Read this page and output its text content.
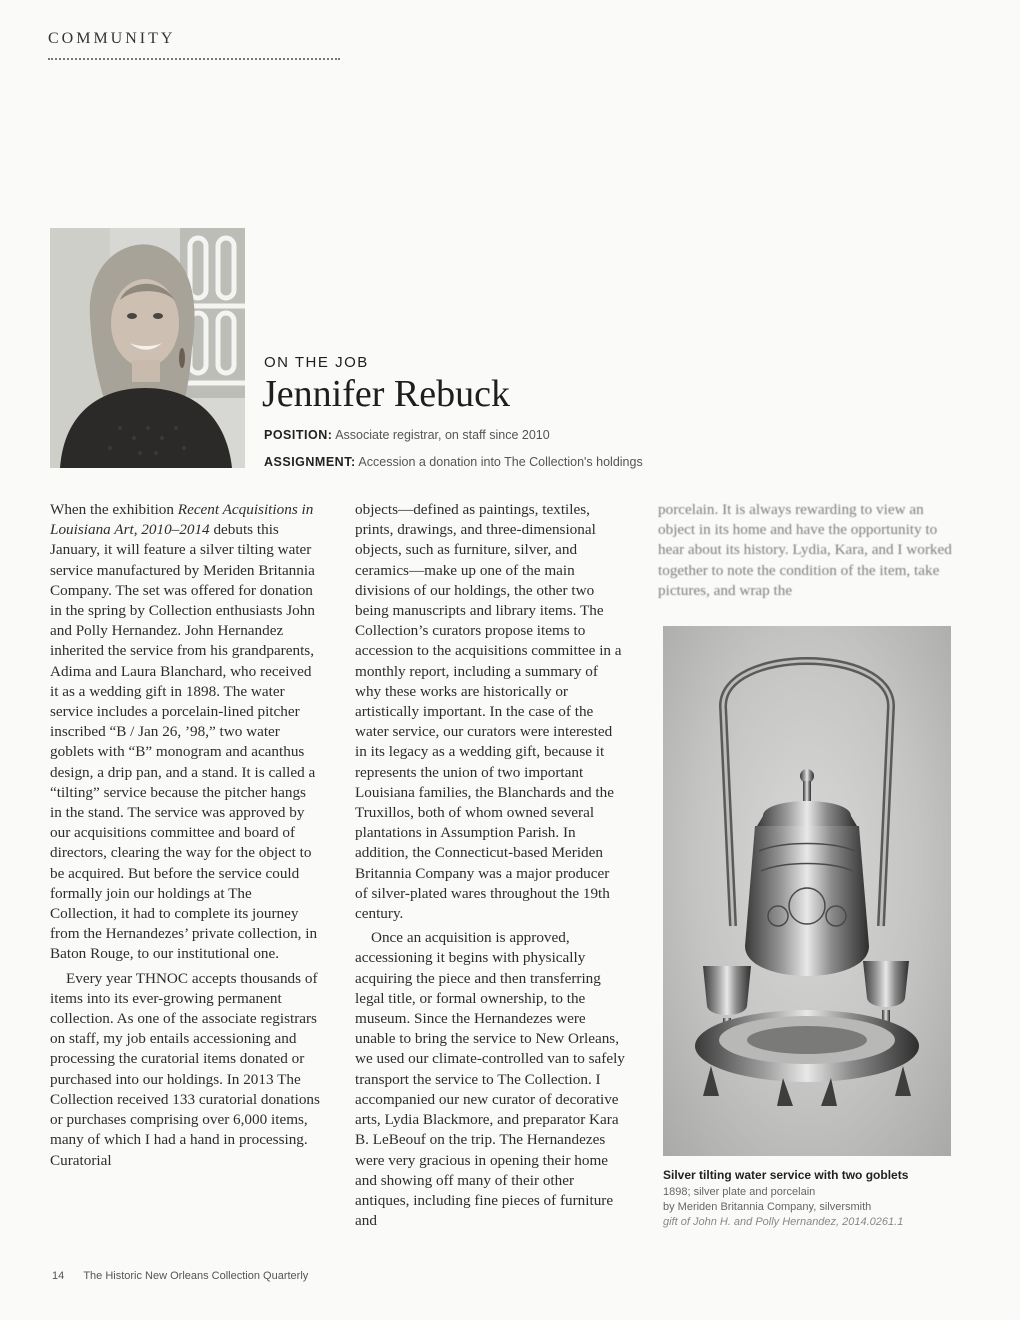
COMMUNITY
ON THE JOB
Jennifer Rebuck
POSITION: Associate registrar, on staff since 2010
ASSIGNMENT: Accession a donation into The Collection's holdings

When the exhibition Recent Acquisitions in Louisiana Art, 2010–2014 debuts this January, it will feature a silver tilting water service manufactured by Meriden Britannia Company. The set was offered for donation in the spring by Collection enthusiasts John and Polly Hernandez. John Hernandez inherited the service from his grandparents, Adima and Laura Blanchard, who received it as a wedding gift in 1898. The water service includes a porcelain-lined pitcher inscribed “B / Jan 26, ’98,” two water goblets with “B” monogram and acanthus design, a drip pan, and a stand. It is called a “tilting” service because the pitcher hangs in the stand. The service was approved by our acquisitions committee and board of directors, clearing the way for the object to be acquired. But before the service could formally join our holdings at The Collection, it had to complete its journey from the Hernandezes’ private collection, in Baton Rouge, to our institutional one.

Every year THNOC accepts thousands of items into its ever-growing permanent collection. As one of the associate registrars on staff, my job entails accessioning and processing the curatorial items donated or purchased into our holdings. In 2013 The Collection received 133 curatorial donations or purchases comprising over 6,000 items, many of which I had a hand in processing. Curatorial

objects—defined as paintings, textiles, prints, drawings, and three-dimensional objects, such as furniture, silver, and ceramics—make up one of the main divisions of our holdings, the other two being manuscripts and library items. The Collection’s curators propose items to accession to the acquisitions committee in a monthly report, including a summary of why these works are historically or artistically important. In the case of the water service, our curators were interested in its legacy as a wedding gift, because it represents the union of two important Louisiana families, the Blanchards and the Truxillos, both of whom owned several plantations in Assumption Parish. In addition, the Connecticut-based Meriden Britannia Company was a major producer of silver-plated wares throughout the 19th century.

Once an acquisition is approved, accessioning it begins with physically acquiring the piece and then transferring legal title, or formal ownership, to the museum. Since the Hernandezes were unable to bring the service to New Orleans, we used our climate-controlled van to safely transport the service to The Collection. I accompanied our new curator of decorative arts, Lydia Blackmore, and preparator Kara B. LeBeouf on the trip. The Hernandezes were very gracious in opening their home and showing off many of their other antiques, including fine pieces of furniture and

porcelain. It is always rewarding to view an object in its home and have the opportunity to hear about its history. Lydia, Kara, and I worked together to note the condition of the item, take pictures, and wrap the

Silver tilting water service with two goblets
1898; silver plate and porcelain
by Meriden Britannia Company, silversmith
gift of John H. and Polly Hernandez, 2014.0261.1
14 The Historic New Orleans Collection Quarterly
